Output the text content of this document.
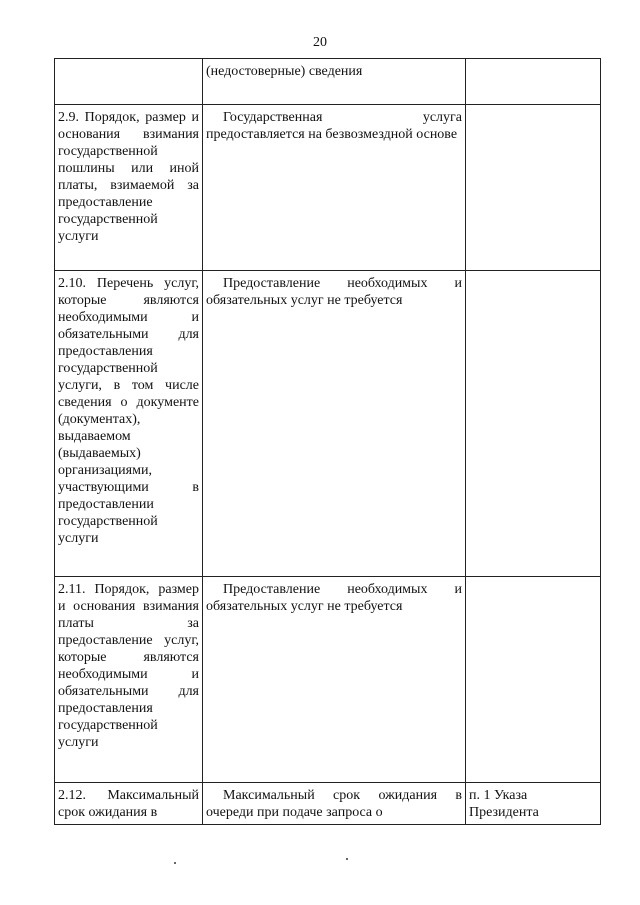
20

	(недостоверные) сведения	

2.9. Порядок, размер и основания взимания государственной пошлины или иной платы, взимаемой за предоставление государственной услуги	Государственная услуга предоставляется на безвозмездной основе	

2.10. Перечень услуг, которые являются необходимыми и обязательными для предоставления государственной услуги, в том числе сведения о документе (документах), выдаваемом (выдаваемых) организациями, участвующими в предоставлении государственной услуги	Предоставление необходимых и обязательных услуг не требуется	

2.11. Порядок, размер и основания взимания платы за предоставление услуг, которые являются необходимыми и обязательными для предоставления государственной услуги	Предоставление необходимых и обязательных услуг не требуется	

2.12. Максимальный срок ожидания в	Максимальный срок ожидания в очереди при подаче запроса о	п. 1 Указа Президента
